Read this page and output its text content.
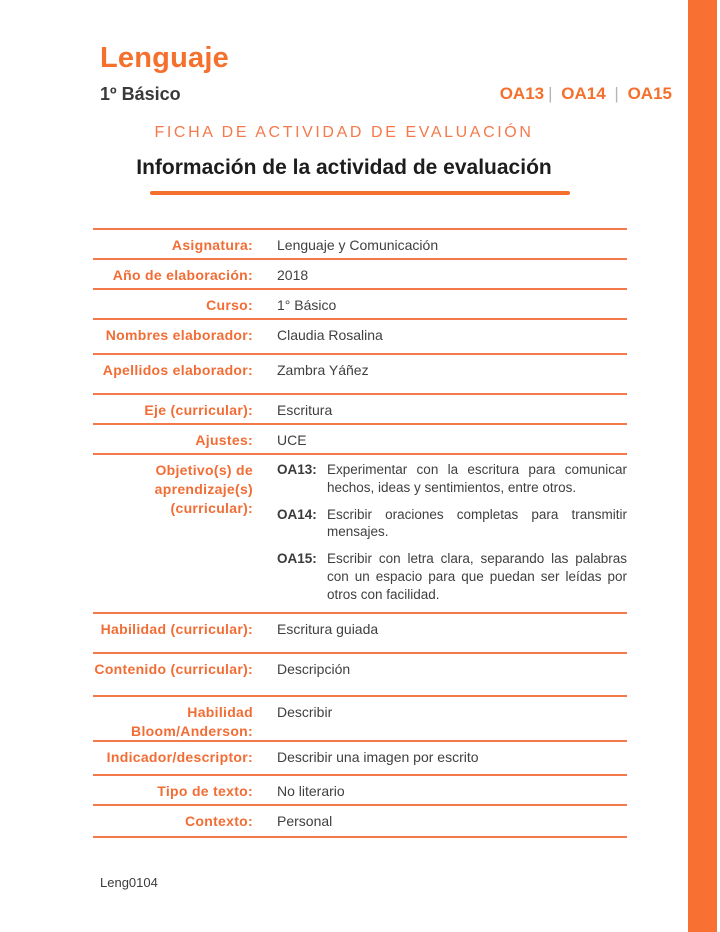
Lenguaje
1º Básico	OA13 | OA14 | OA15
FICHA DE ACTIVIDAD DE EVALUACIÓN
Información de la actividad de evaluación
Asignatura: Lenguaje y Comunicación
Año de elaboración: 2018
Curso: 1° Básico
Nombres elaborador: Claudia Rosalina
Apellidos elaborador: Zambra Yáñez
Eje (curricular): Escritura
Ajustes: UCE
Objetivo(s) de aprendizaje(s) (curricular):
OA13: Experimentar con la escritura para comunicar hechos, ideas y sentimientos, entre otros.
OA14: Escribir oraciones completas para transmitir mensajes.
OA15: Escribir con letra clara, separando las palabras con un espacio para que puedan ser leídas por otros con facilidad.
Habilidad (curricular): Escritura guiada
Contenido (curricular): Descripción
Habilidad Bloom/Anderson:
Describir
Indicador/descriptor: Describir una imagen por escrito
Tipo de texto: No literario
Contexto: Personal
Leng0104
